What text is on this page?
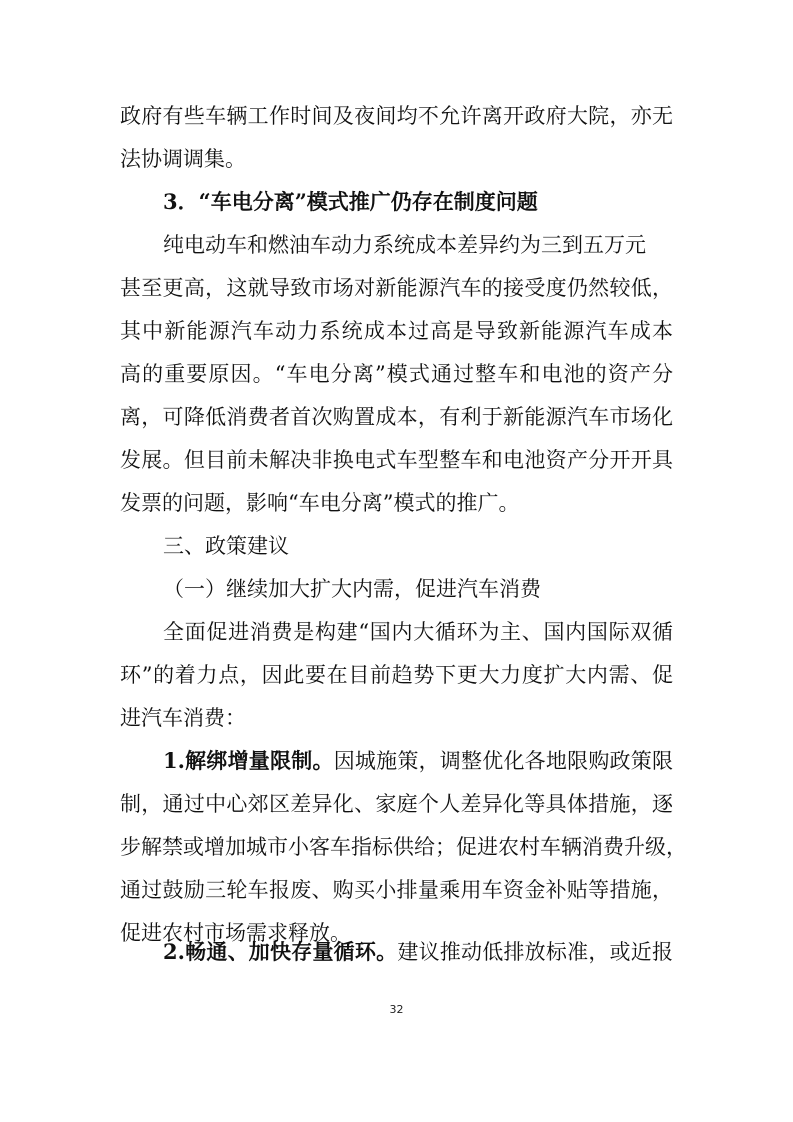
政府有些车辆工作时间及夜间均不允许离开政府大院，亦无
法协调调集。
3．“车电分离”模式推广仍存在制度问题
纯电动车和燃油车动力系统成本差异约为三到五万元
甚至更高，这就导致市场对新能源汽车的接受度仍然较低，
其中新能源汽车动力系统成本过高是导致新能源汽车成本
高的重要原因。“车电分离”模式通过整车和电池的资产分
离，可降低消费者首次购置成本，有利于新能源汽车市场化
发展。但目前未解决非换电式车型整车和电池资产分开开具
发票的问题，影响“车电分离”模式的推广。
三、政策建议
（一）继续加大扩大内需，促进汽车消费
全面促进消费是构建“国内大循环为主、国内国际双循
环”的着力点，因此要在目前趋势下更大力度扩大内需、促
进汽车消费：
1.解绑增量限制。因城施策，调整优化各地限购政策限
制，通过中心郊区差异化、家庭个人差异化等具体措施，逐
步解禁或增加城市小客车指标供给；促进农村车辆消费升级，
通过鼓励三轮车报废、购买小排量乘用车资金补贴等措施，
促进农村市场需求释放。
2.畅通、加快存量循环。建议推动低排放标准，或近报
32
